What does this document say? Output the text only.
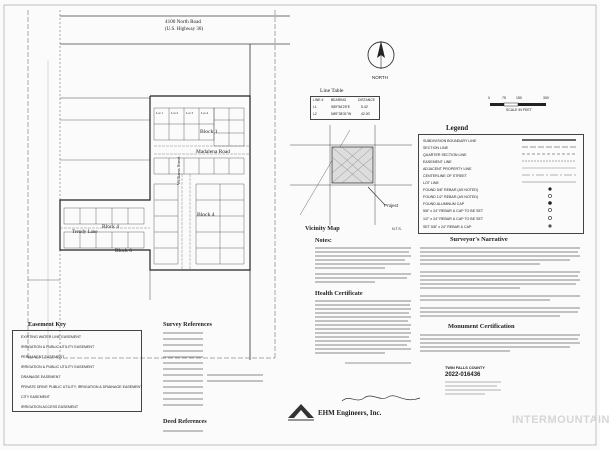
Lot 1 Lot 2 Lot 3 Lot 4
4100 North Road
(U.S. Highway 30)
Block 1
Madalena Road
Block 4
Block 4
Trendy Lane
Block 6
Williams Street
NORTH
0	75	150	300
SCALE IN FEET
Line Table
LINE # BEARING	DISTANCE
L1	S89°56'25"E	5.42'
L2	N89°38'31"W	42.00'
Project
Vicinity Map	N.T.S.
Notes:
Health Certificate
Legend
SUBDIVISION BOUNDARY LINE
SECTION LINE
QUARTER SECTION LINE
EASEMENT LINE
ADJACENT PROPERTY LINE
CENTERLINE OF STREET
LOT LINE
FOUND 5/8" REBAR (AS NOTED)
FOUND 1/2" REBAR (AS NOTED)
FOUND ALUMINUM CAP
5/8" x 24" REBAR & CAP TO BE SET
1/2" x 24" REBAR & CAP TO BE SET
SET 5/8" x 24" REBAR & CAP
Surveyor's Narrative
Monument Certification
TWIN FALLS COUNTY
2022-016436
Easement Key
EXISTING WATER LINE EASEMENT
IRRIGATION & PUBLIC UTILITY EASEMENT
PERMANENT EASEMENT
IRRIGATION & PUBLIC UTILITY EASEMENT
DRAINAGE EASEMENT
PRIVATE DRIVE PUBLIC UTILITY, IRRIGATION & DRAINAGE EASEMENT
CITY EASEMENT
IRRIGATION ACCESS EASEMENT
Survey References
EHM Engineers, Inc.
Deed References	INTERMOUNTAIN
